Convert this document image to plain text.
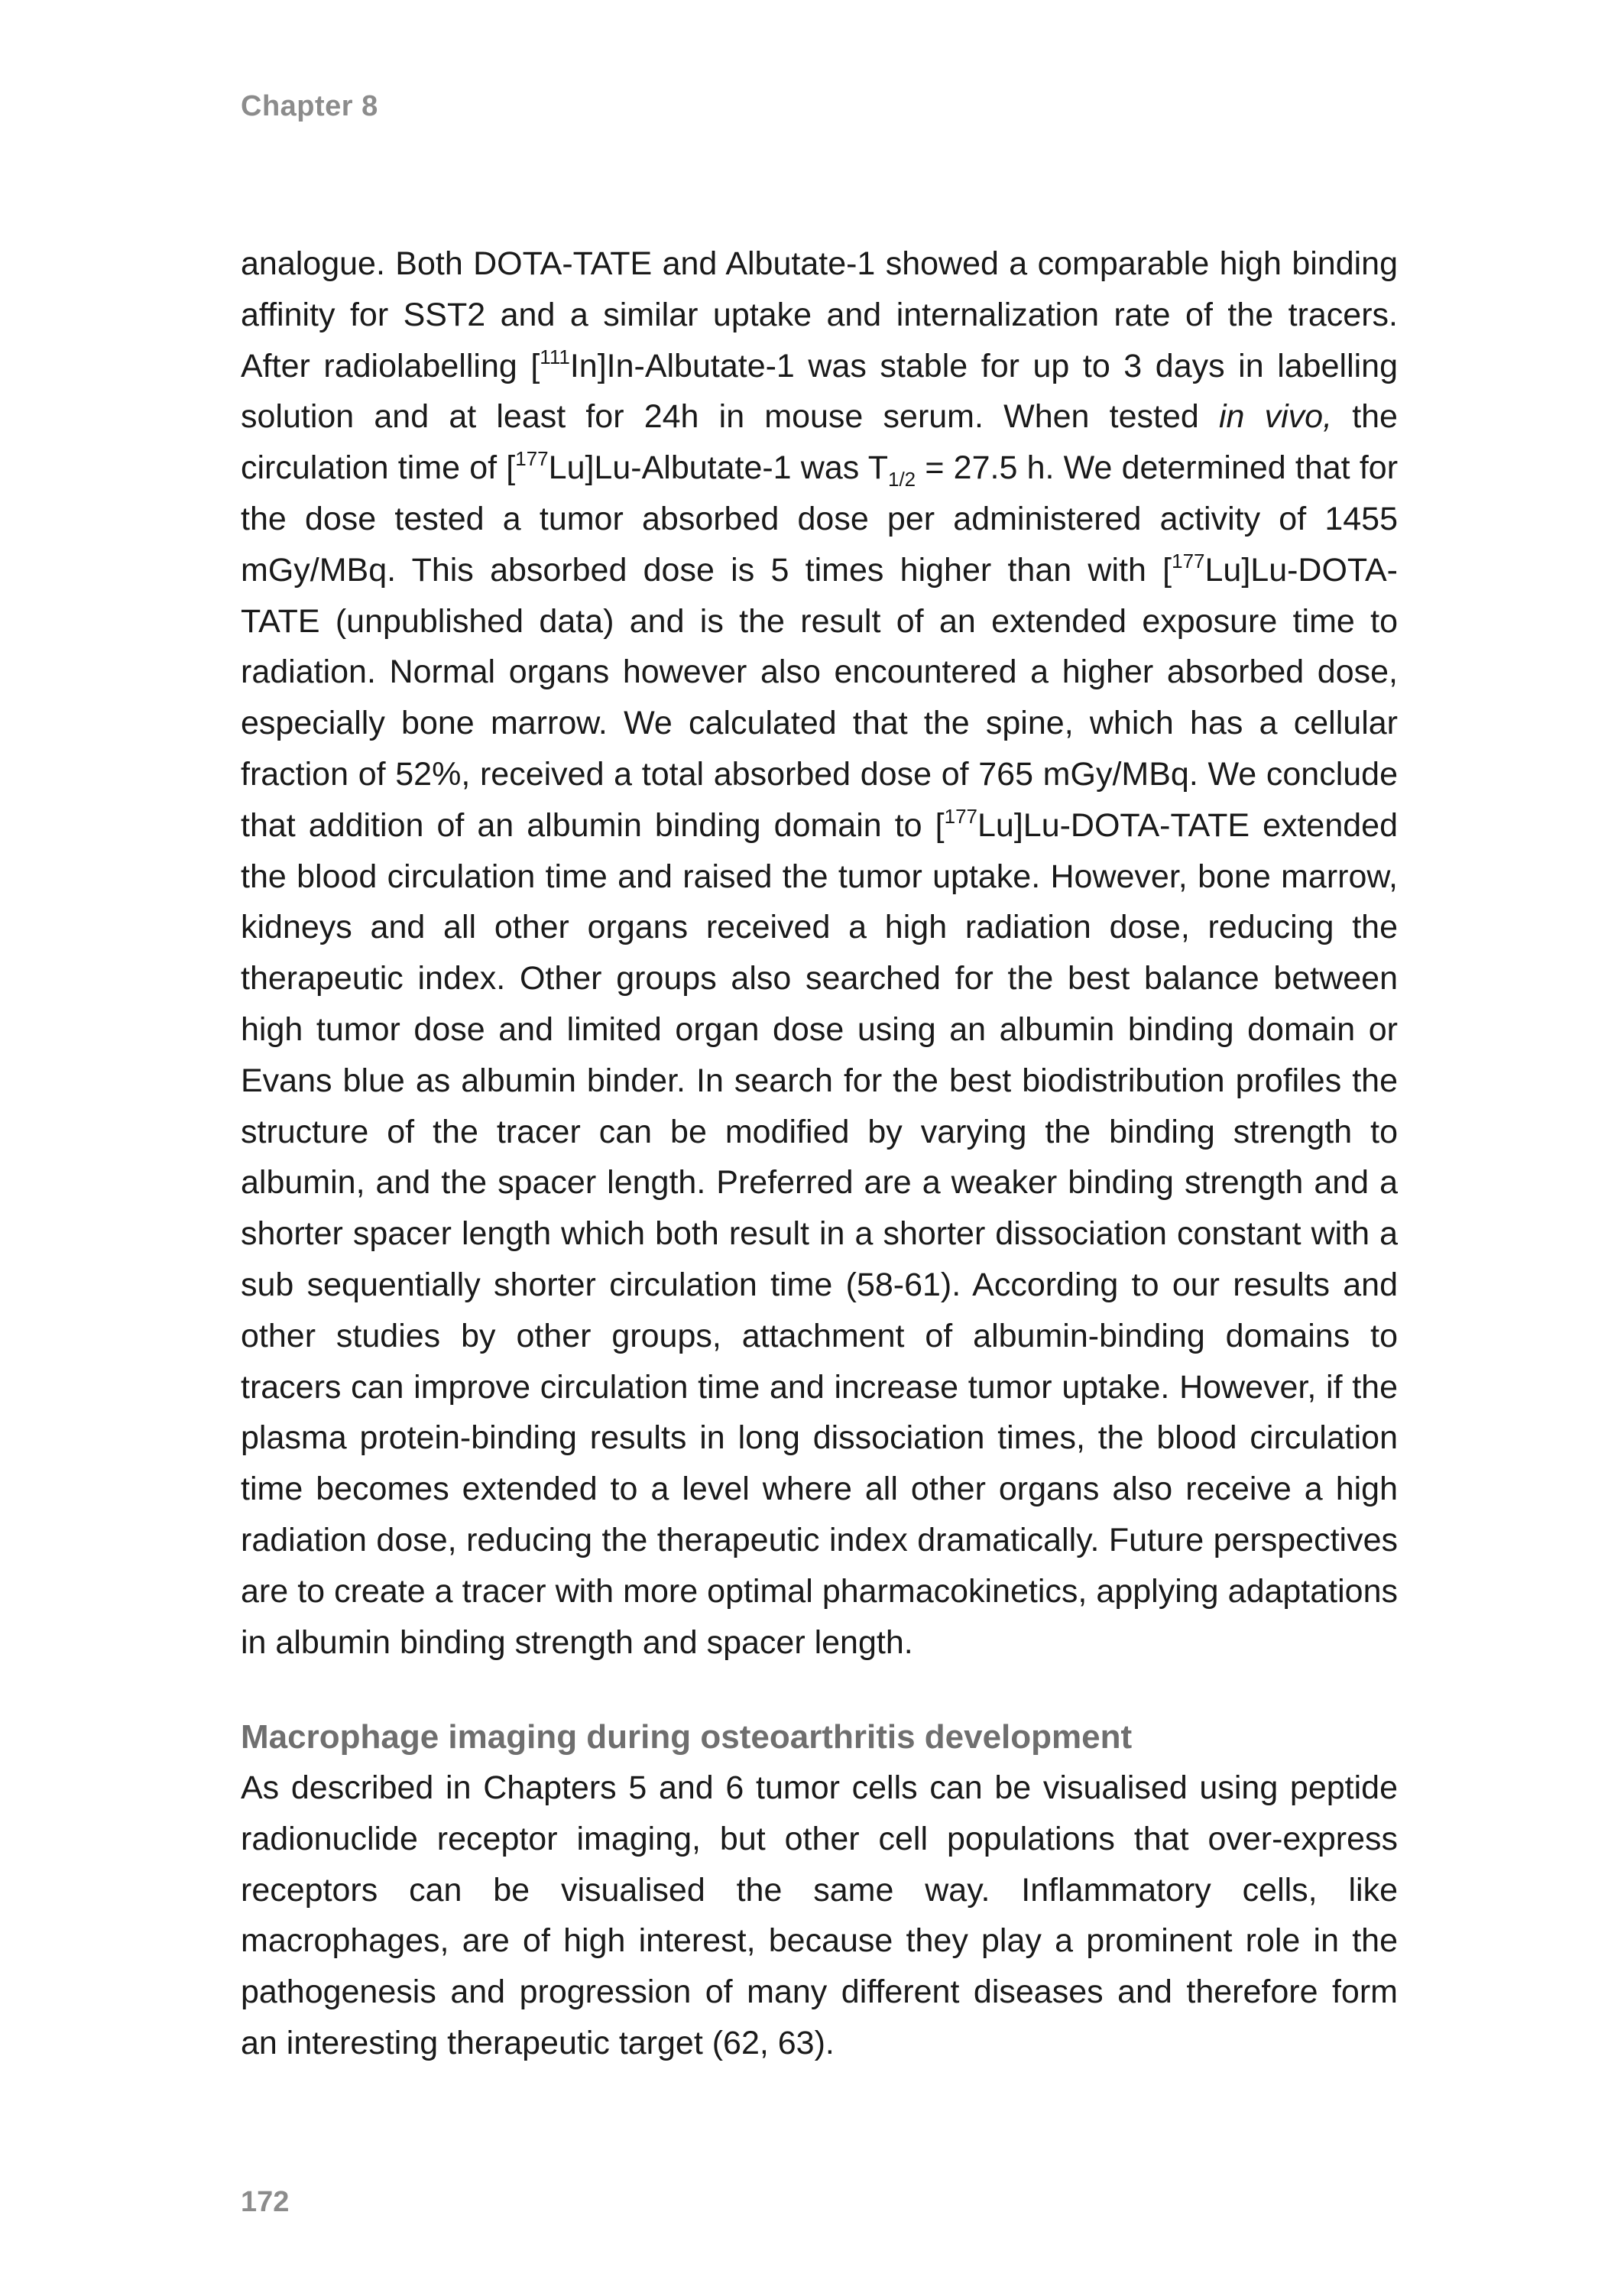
Chapter 8

analogue. Both DOTA-TATE and Albutate-1 showed a comparable high binding affinity for SST2 and a similar uptake and internalization rate of the tracers. After radiolabelling [$^{111}$In]In-Albutate-1 was stable for up to 3 days in labelling solution and at least for 24h in mouse serum. When tested in vivo, the circulation time of [$^{177}$Lu]Lu-Albutate-1 was $T_{1/2} = 27.5$ h. We determined that for the dose tested a tumor absorbed dose per administered activity of 1455 mGy/MBq. This absorbed dose is 5 times higher than with [$^{177}$Lu]Lu-DOTA-TATE (unpublished data) and is the result of an extended exposure time to radiation. Normal organs however also encountered a higher absorbed dose, especially bone marrow. We calculated that the spine, which has a cellular fraction of 52%, received a total absorbed dose of 765 mGy/MBq. We conclude that addition of an albumin binding domain to [$^{177}$Lu]Lu-DOTA-TATE extended the blood circulation time and raised the tumor uptake. However, bone marrow, kidneys and all other organs received a high radiation dose, reducing the therapeutic index. Other groups also searched for the best balance between high tumor dose and limited organ dose using an albumin binding domain or Evans blue as albumin binder. In search for the best biodistribution profiles the structure of the tracer can be modified by varying the binding strength to albumin, and the spacer length. Preferred are a weaker binding strength and a shorter spacer length which both result in a shorter dissociation constant with a sub sequentially shorter circulation time (58-61). According to our results and other studies by other groups, attachment of albumin-binding domains to tracers can improve circulation time and increase tumor uptake. However, if the plasma protein-binding results in long dissociation times, the blood circulation time becomes extended to a level where all other organs also receive a high radiation dose, reducing the therapeutic index dramatically. Future perspectives are to create a tracer with more optimal pharmacokinetics, applying adaptations in albumin binding strength and spacer length.

Macrophage imaging during osteoarthritis development

As described in Chapters 5 and 6 tumor cells can be visualised using peptide radionuclide receptor imaging, but other cell populations that over-express receptors can be visualised the same way. Inflammatory cells, like macrophages, are of high interest, because they play a prominent role in the pathogenesis and progression of many different diseases and therefore form an interesting therapeutic target (62, 63).

172
